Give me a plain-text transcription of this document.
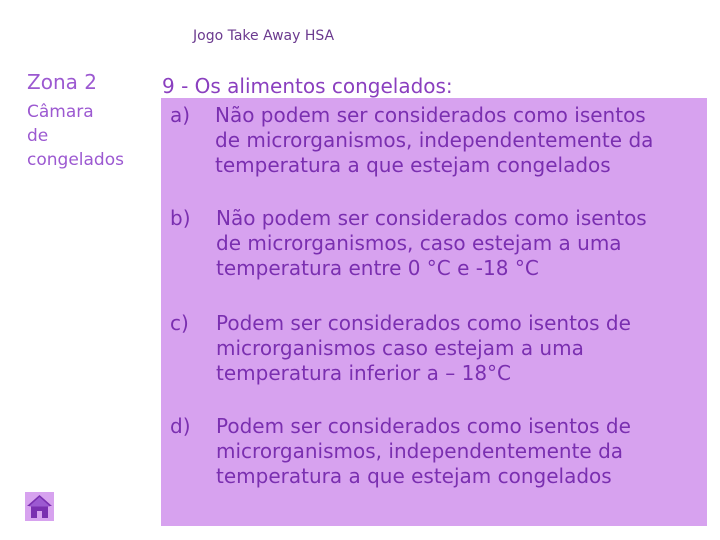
Jogo Take Away HSA
Zona 2
Câmara
de
congelados
9 - Os alimentos congelados:
a) Não podem ser considerados como isentos
de microrganismos, independentemente da
temperatura a que estejam congelados
b) Não podem ser considerados como isentos
de microrganismos, caso estejam a uma
temperatura entre 0 °C e -18 °C
c) Podem ser considerados como isentos de
microrganismos caso estejam a uma
temperatura inferior a – 18°C
d) Podem ser considerados como isentos de
microrganismos, independentemente da
temperatura a que estejam congelados
